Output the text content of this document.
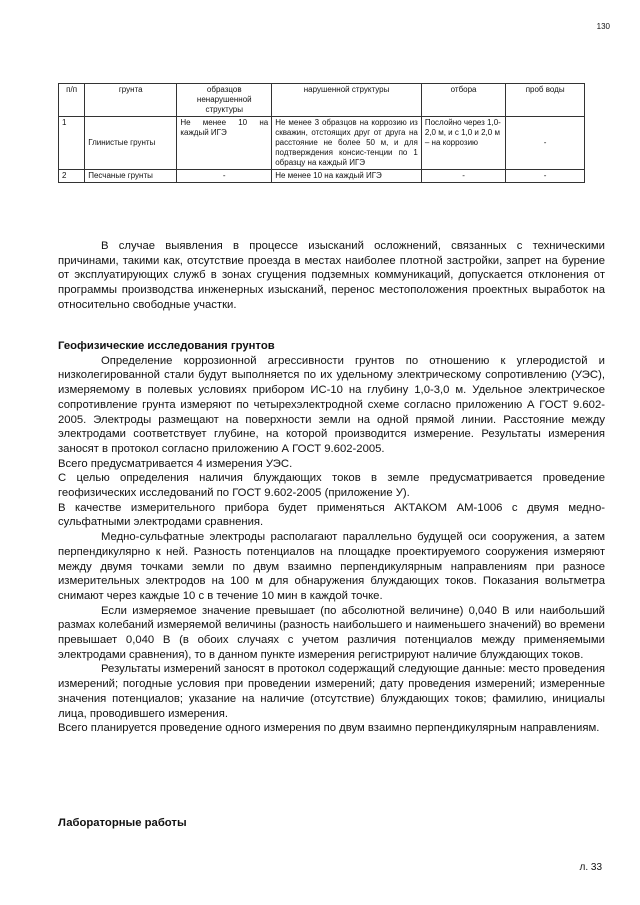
130
п/п	грунта	образцов ненарушенной структуры	нарушенной структуры	отбора	проб воды
1	Глинистые грунты	Не менее 10 на каждый ИГЭ	Не менее 3 образцов на коррозию из скважин, отстоящих друг от друга на расстояние не более 50 м, и для подтверждения консис-тенции по 1 образцу на каждый ИГЭ	Послойно через 1,0-2,0 м, и с 1,0 и 2,0 м – на коррозию	-
2	Песчаные грунты	-	Не менее 10 на каждый ИГЭ	-	-

В случае выявления в процессе изысканий осложнений, связанных с техническими причинами, такими как, отсутствие проезда в местах наиболее плотной застройки, запрет на бурение от эксплуатирующих служб в зонах сгущения подземных коммуникаций, допускается отклонения от программы производства инженерных изысканий, перенос местоположения проектных выработок на относительно свободные участки.

Геофизические исследования грунтов

Определение коррозионной агрессивности грунтов по отношению к углеродистой и низколегированной стали будут выполняется по их удельному электрическому сопротивлению (УЭС), измеряемому в полевых условиях прибором ИС-10 на глубину 1,0-3,0 м. Удельное электрическое сопротивление грунта измеряют по четырехэлектродной схеме согласно приложению А ГОСТ 9.602-2005. Электроды размещают на поверхности земли на одной прямой линии. Расстояние между электродами соответствует глубине, на которой производится измерение. Результаты измерения заносят в протокол согласно приложению А ГОСТ 9.602-2005.

Всего предусматривается 4 измерения УЭС.

С целью определения наличия блуждающих токов в земле предусматривается проведение геофизических исследований по ГОСТ 9.602-2005 (приложение У).

В качестве измерительного прибора будет применяться АКТАКОМ АМ-1006 с двумя медно-сульфатными электродами сравнения.

Медно-сульфатные электроды располагают параллельно будущей оси сооружения, а затем перпендикулярно к ней. Разность потенциалов на площадке проектируемого сооружения измеряют между двумя точками земли по двум взаимно перпендикулярным направлениям при разносе измерительных электродов на 100 м для обнаружения блуждающих токов. Показания вольтметра снимают через каждые 10 с в течение 10 мин в каждой точке.

Если измеряемое значение превышает (по абсолютной величине) 0,040 В или наибольший размах колебаний измеряемой величины (разность наибольшего и наименьшего значений) во времени превышает 0,040 В (в обоих случаях с учетом различия потенциалов между применяемыми электродами сравнения), то в данном пункте измерения регистрируют наличие блуждающих токов.

Результаты измерений заносят в протокол содержащий следующие данные: место проведения измерений; погодные условия при проведении измерений; дату проведения измерений; измеренные значения потенциалов; указание на наличие (отсутствие) блуждающих токов; фамилию, инициалы лица, проводившего измерения.

Всего планируется проведение одного измерения по двум взаимно перпендикулярным направлениям.

Лабораторные работы

л. 33
